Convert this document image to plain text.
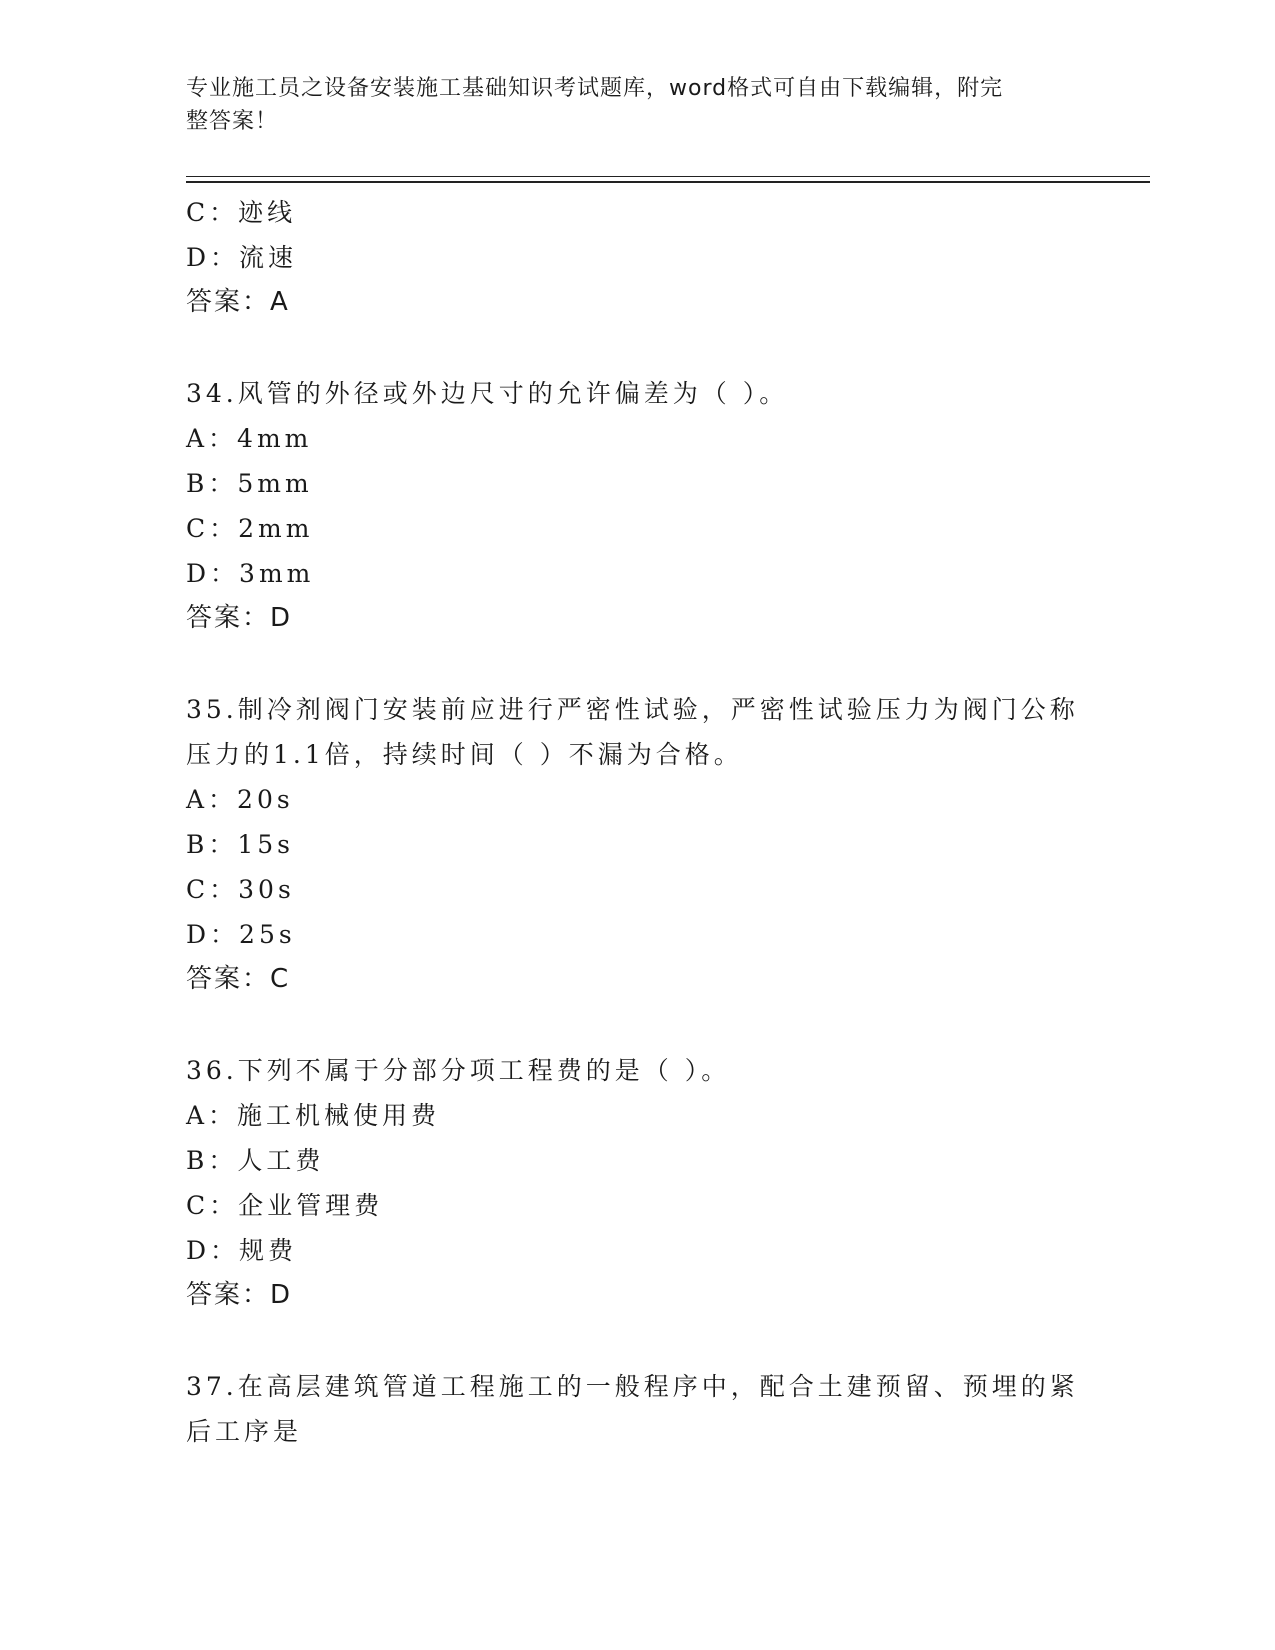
专业施工员之设备安装施工基础知识考试题库，word格式可自由下载编辑，附完
整答案！
C：迹线
D：流速
答案：A
34.风管的外径或外边尺寸的允许偏差为（ ）。
A：4mm
B：5mm
C：2mm
D：3mm
答案：D
35.制冷剂阀门安装前应进行严密性试验，严密性试验压力为阀门公称
压力的1.1倍，持续时间（ ）不漏为合格。
A：20s
B：15s
C：30s
D：25s
答案：C
36.下列不属于分部分项工程费的是（ ）。
A：施工机械使用费
B：人工费
C：企业管理费
D：规费
答案：D
37.在高层建筑管道工程施工的一般程序中，配合土建预留、预埋的紧
后工序是
